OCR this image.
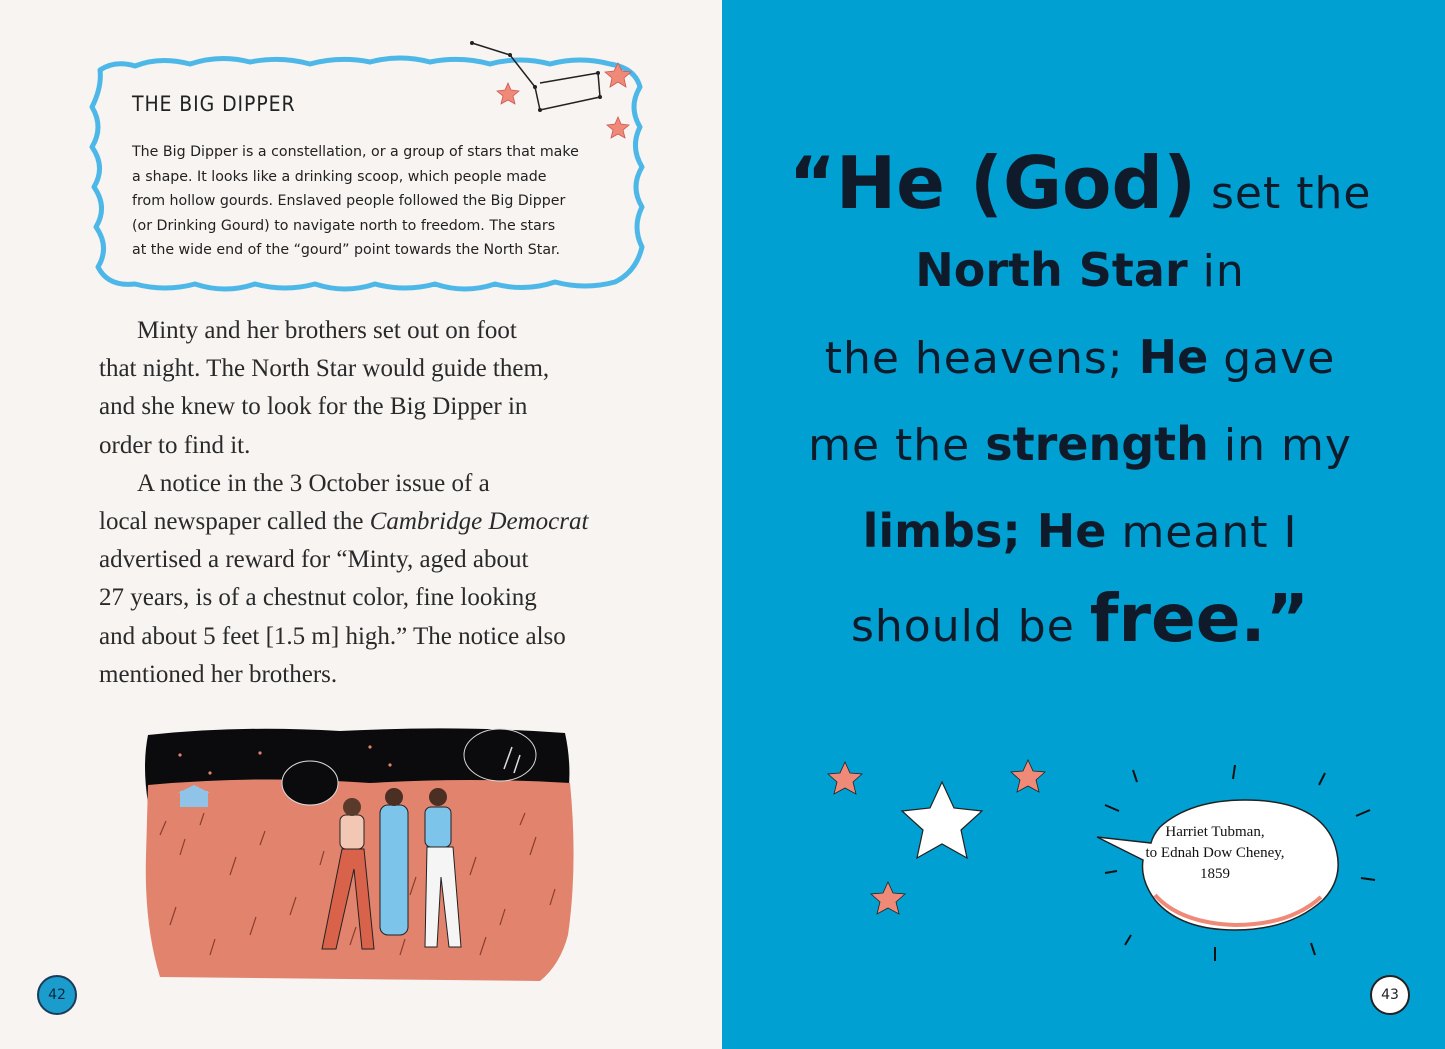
THE BIG DIPPER

The Big Dipper is a constellation, or a group of stars that make

a shape. It looks like a drinking scoop, which people made

from hollow gourds. Enslaved people followed the Big Dipper

(or Drinking Gourd) to navigate north to freedom. The stars

at the wide end of the “gourd” point towards the North Star.

Minty and her brothers set out on foot

that night. The North Star would guide them,

and she knew to look for the Big Dipper in

order to find it.

A notice in the 3 October issue of a

local newspaper called the Cambridge Democrat

advertised a reward for “Minty, aged about

27 years, is of a chestnut color, fine looking

and about 5 feet [1.5 m] high.” The notice also

mentioned her brothers.

42
“He (God) set the
North Star in
the heavens; He gave
me the strength in my
limbs; He meant I
should be free.”
Harriet Tubman,
to Ednah Dow Cheney,
1859
43
